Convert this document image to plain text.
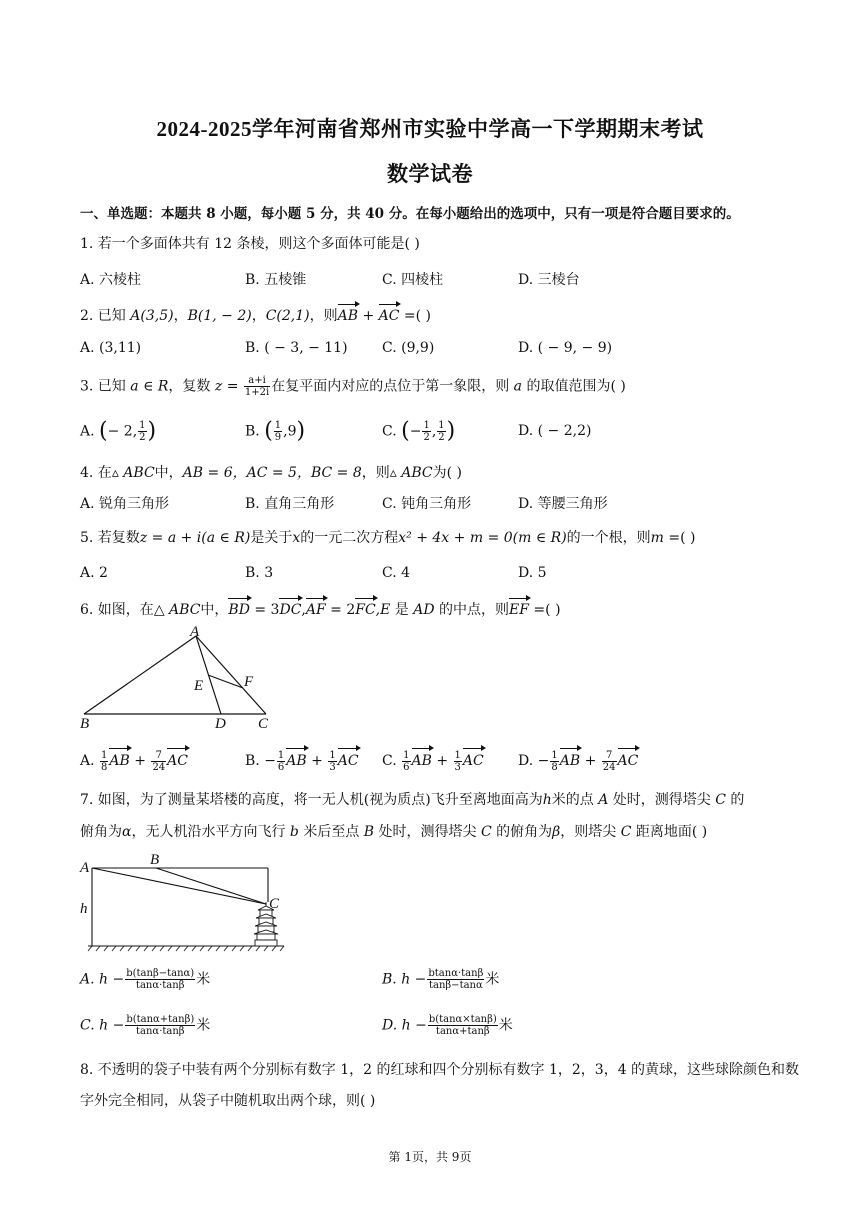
2024-2025学年河南省郑州市实验中学高一下学期期末考试
数学试卷
一、单选题：本题共 8 小题，每小题 5 分，共 40 分。在每小题给出的选项中，只有一项是符合题目要求的。
1. 若一个多面体共有 12 条棱，则这个多面体可能是( )
A. 六棱柱	B. 五棱锥	C. 四棱柱	D. 三棱台
2. 已知 A(3,5)，B(1, − 2)，C(2,1)，则AB + AC =( )
A. (3,11)	B. ( − 3, − 11) C. (9,9)	D. ( − 9, − 9)
3. 已知 a ∈ R，复数 $z = \frac{a+i}{1+2i}$ 在复平面内对应的点位于第一象限，则 a 的取值范围为( )
A. (− 2, $\frac{1}{2}$ )	B. ( $\frac{1}{9} ,9$)	C. (− $\frac{1}{2}$ , $\frac{1}{2}$ )	D. ( − 2,2)
4. 在▵ ABC中，AB = 6，AC = 5，BC = 8，则▵ ABC为( )
A. 锐角三角形	B. 直角三角形	C. 钝角三角形	D. 等腰三角形
5. 若复数z = a + i(a ∈ R)是关于x的一元二次方程x² + 4x + m = 0(m ∈ R)的一个根，则m =( )
A. 2	B. 3	C. 4	D. 5
6. 如图，在△ ABC中，BD = 3DC,AF = 2FC,E 是 AD 的中点，则EF =( )
A
B	C
D
E	F
A. $\frac{1}{8}$ AB + $\frac{7}{24}$ AC	B. − $\frac{1}{6}$ AB + $\frac{1}{3}$ AC C. $\frac{1}{6}$ AB + $\frac{1}{3}$ AC D. − $\frac{1}{8}$ AB + $\frac{7}{24}$ AC
7. 如图，为了测量某塔楼的高度，将一无人机(视为质点)飞升至离地面高为h米的点 A 处时，测得塔尖 C 的
俯角为α，无人机沿水平方向飞行 b 米后至点 B 处时，测得塔尖 C 的俯角为β，则塔尖 C 距离地面( )
A	B
C
h
A. $h - \frac{b(\tan\beta-\tan\alpha)}{\tan\alpha\cdot\tan\beta}$ 米	B. $h - \frac{btan\alpha\cdot\tan\beta}{\tan\beta-\tan\alpha}$ 米
C. $h - \frac{b(\tan\alpha+\tan\beta)}{\tan\alpha\cdot\tan\beta}$ 米	D. $h - \frac{b(\tan\alpha\times\tan\beta)}{\tan\alpha+\tan\beta}$ 米
8. 不透明的袋子中装有两个分别标有数字 1，2 的红球和四个分别标有数字 1，2，3，4 的黄球，这些球除颜色和数字外完全相同，从袋子中随机取出两个球，则( )
第 1页，共 9页
